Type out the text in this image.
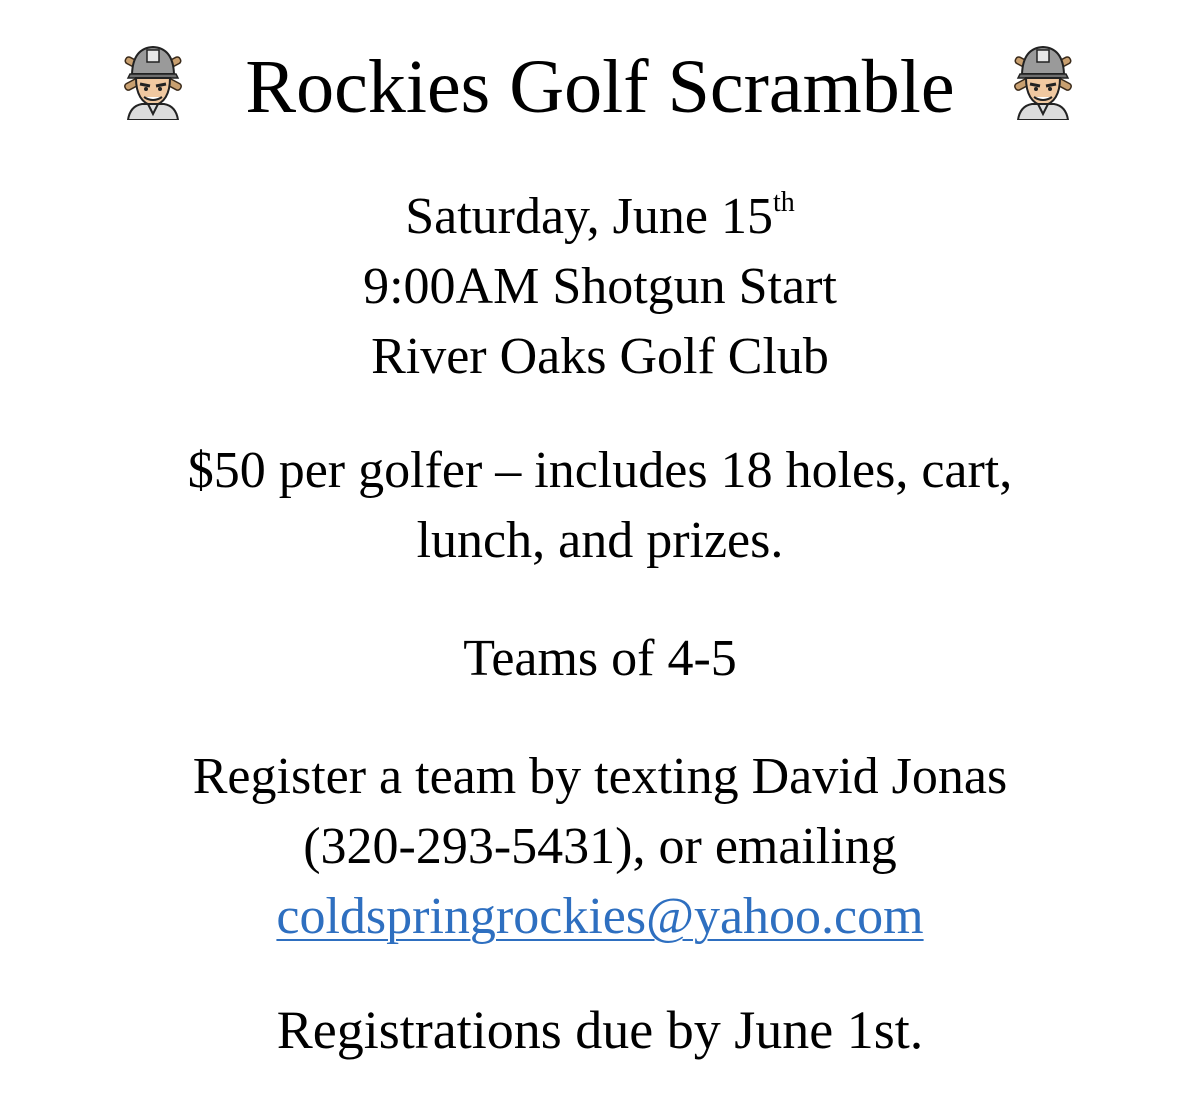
Rockies Golf Scramble
Saturday, June 15th
9:00AM Shotgun Start
River Oaks Golf Club
$50 per golfer – includes 18 holes, cart,
lunch, and prizes.
Teams of 4-5
Register a team by texting David Jonas
(320-293-5431), or emailing
coldspringrockies@yahoo.com
Registrations due by June 1st.
